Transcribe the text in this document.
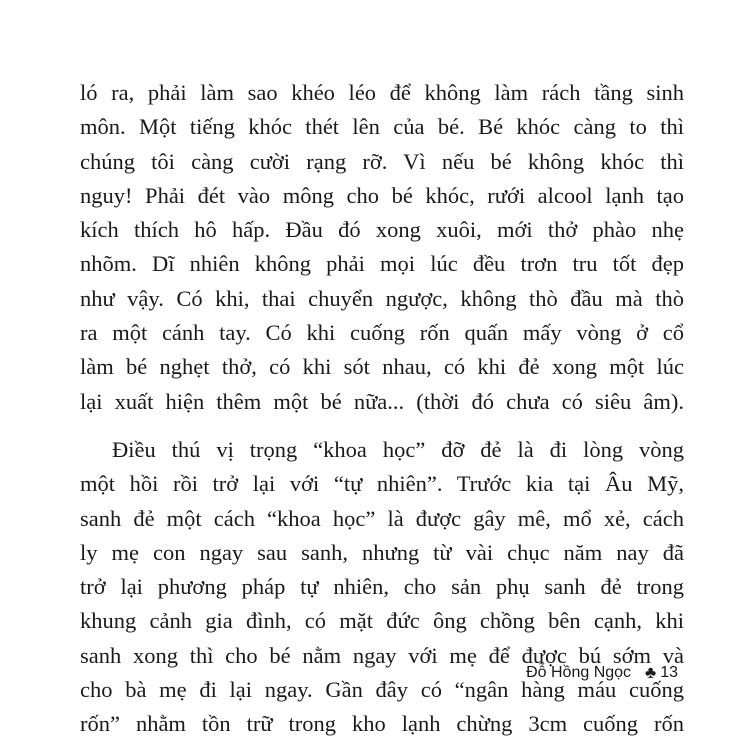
ló ra, phải làm sao khéo léo để không làm rách tầng sinh
môn. Một tiếng khóc thét lên của bé. Bé khóc càng to thì
chúng tôi càng cười rạng rỡ. Vì nếu bé không khóc thì
nguy! Phải đét vào mông cho bé khóc, rưới alcool lạnh tạo
kích thích hô hấp. Đầu đó xong xuôi, mới thở phào nhẹ
nhõm. Dĩ nhiên không phải mọi lúc đều trơn tru tốt đẹp
như vậy. Có khi, thai chuyển ngược, không thò đầu mà thò
ra một cánh tay. Có khi cuống rốn quấn mấy vòng ở cổ
làm bé nghẹt thở, có khi sót nhau, có khi đẻ xong một lúc
lại xuất hiện thêm một bé nữa... (thời đó chưa có siêu âm).
Điều thú vị trọng “khoa học” đỡ đẻ là đi lòng vòng
một hồi rồi trở lại với “tự nhiên”. Trước kia tại Âu Mỹ,
sanh đẻ một cách “khoa học” là được gây mê, mổ xẻ, cách
ly mẹ con ngay sau sanh, nhưng từ vài chục năm nay đã
trở lại phương pháp tự nhiên, cho sản phụ sanh đẻ trong
khung cảnh gia đình, có mặt đức ông chồng bên cạnh, khi
sanh xong thì cho bé nằm ngay với mẹ để được bú sớm và
cho bà mẹ đi lại ngay. Gần đây có “ngân hàng máu cuống
rốn” nhằm tồn trữ trong kho lạnh chừng 3cm cuống rốn
Đỗ Hồng Ngọc ♣ 13
